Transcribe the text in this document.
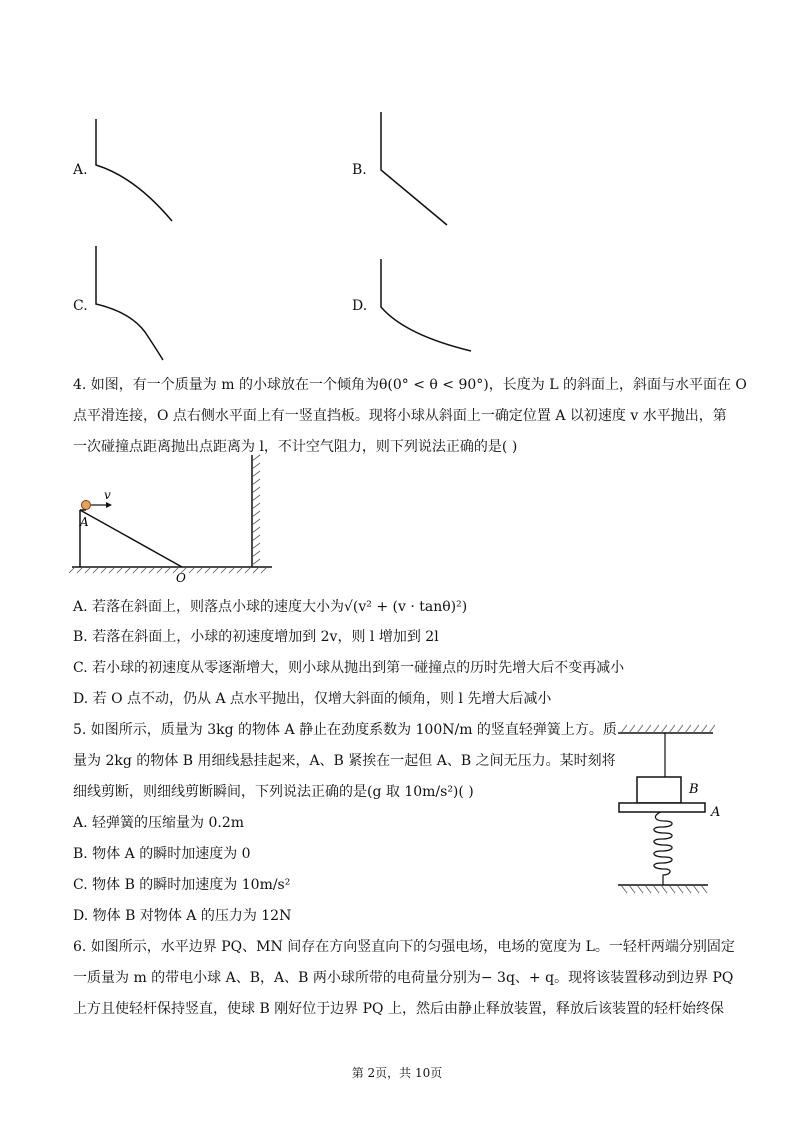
A.	B.
C.	D.
4. 如图，有一个质量为 m 的小球放在一个倾角为θ(0° < θ < 90°)，长度为 L 的斜面上，斜面与水平面在 O
点平滑连接，O 点右侧水平面上有一竖直挡板。现将小球从斜面上一确定位置 A 以初速度 v 水平抛出，第
一次碰撞点距离抛出点距离为 l，不计空气阻力，则下列说法正确的是( )
v
A
O
A. 若落在斜面上，则落点小球的速度大小为√(v² + (v · tanθ)²)
B. 若落在斜面上，小球的初速度增加到 2v，则 l 增加到 2l
C. 若小球的初速度从零逐渐增大，则小球从抛出到第一碰撞点的历时先增大后不变再减小
D. 若 O 点不动，仍从 A 点水平抛出，仅增大斜面的倾角，则 l 先增大后减小
5. 如图所示，质量为 3kg 的物体 A 静止在劲度系数为 100N/m 的竖直轻弹簧上方。质
量为 2kg 的物体 B 用细线悬挂起来，A、B 紧挨在一起但 A、B 之间无压力。某时刻将
细线剪断，则细线剪断瞬间，下列说法正确的是(g 取 10m/s²)( )
A. 轻弹簧的压缩量为 0.2m
B. 物体 A 的瞬时加速度为 0
C. 物体 B 的瞬时加速度为 10m/s²
D. 物体 B 对物体 A 的压力为 12N
B
A
6. 如图所示，水平边界 PQ、MN 间存在方向竖直向下的匀强电场，电场的宽度为 L。一轻杆两端分别固定
一质量为 m 的带电小球 A、B，A、B 两小球所带的电荷量分别为− 3q、+ q。现将该装置移动到边界 PQ
上方且使轻杆保持竖直，使球 B 刚好位于边界 PQ 上，然后由静止释放装置，释放后该装置的轻杆始终保
第 2页，共 10页
